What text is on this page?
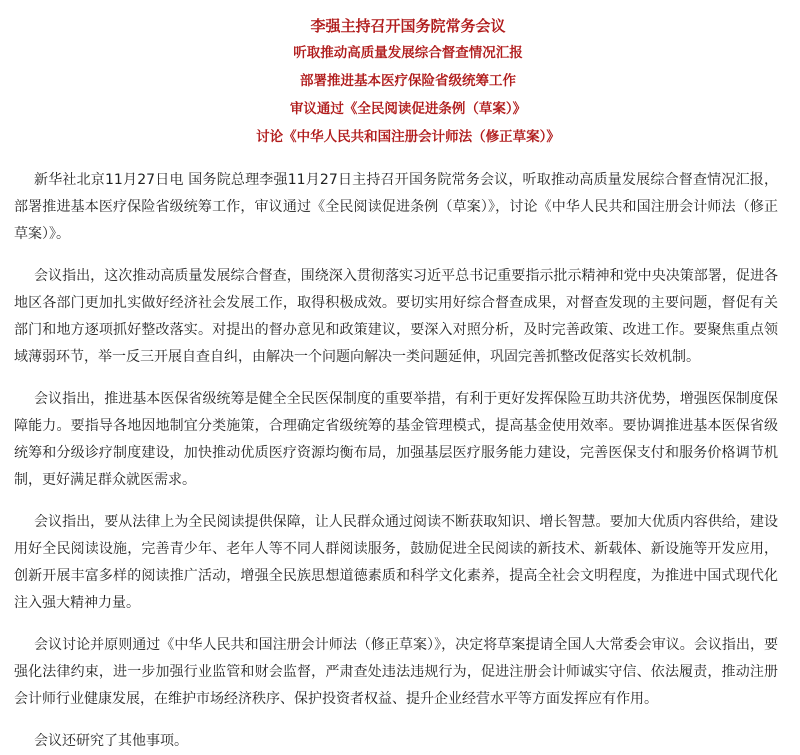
李强主持召开国务院常务会议
听取推动高质量发展综合督查情况汇报
部署推进基本医疗保险省级统筹工作
审议通过《全民阅读促进条例（草案）》
讨论《中华人民共和国注册会计师法（修正草案）》

新华社北京11月27日电 国务院总理李强11月27日主持召开国务院常务会议，听取推动高质量发展综合督查情况汇报，部署推进基本医疗保险省级统筹工作，审议通过《全民阅读促进条例（草案）》，讨论《中华人民共和国注册会计师法（修正草案）》。

会议指出，这次推动高质量发展综合督查，围绕深入贯彻落实习近平总书记重要指示批示精神和党中央决策部署，促进各地区各部门更加扎实做好经济社会发展工作，取得积极成效。要切实用好综合督查成果，对督查发现的主要问题，督促有关部门和地方逐项抓好整改落实。对提出的督办意见和政策建议，要深入对照分析，及时完善政策、改进工作。要聚焦重点领域薄弱环节，举一反三开展自查自纠，由解决一个问题向解决一类问题延伸，巩固完善抓整改促落实长效机制。

会议指出，推进基本医保省级统筹是健全全民医保制度的重要举措，有利于更好发挥保险互助共济优势，增强医保制度保障能力。要指导各地因地制宜分类施策，合理确定省级统筹的基金管理模式，提高基金使用效率。要协调推进基本医保省级统筹和分级诊疗制度建设，加快推动优质医疗资源均衡布局，加强基层医疗服务能力建设，完善医保支付和服务价格调节机制，更好满足群众就医需求。

会议指出，要从法律上为全民阅读提供保障，让人民群众通过阅读不断获取知识、增长智慧。要加大优质内容供给，建设用好全民阅读设施，完善青少年、老年人等不同人群阅读服务，鼓励促进全民阅读的新技术、新载体、新设施等开发应用，创新开展丰富多样的阅读推广活动，增强全民族思想道德素质和科学文化素养，提高全社会文明程度，为推进中国式现代化注入强大精神力量。

会议讨论并原则通过《中华人民共和国注册会计师法（修正草案）》，决定将草案提请全国人大常委会审议。会议指出，要强化法律约束，进一步加强行业监管和财会监督，严肃查处违法违规行为，促进注册会计师诚实守信、依法履责，推动注册会计师行业健康发展，在维护市场经济秩序、保护投资者权益、提升企业经营水平等方面发挥应有作用。

会议还研究了其他事项。
